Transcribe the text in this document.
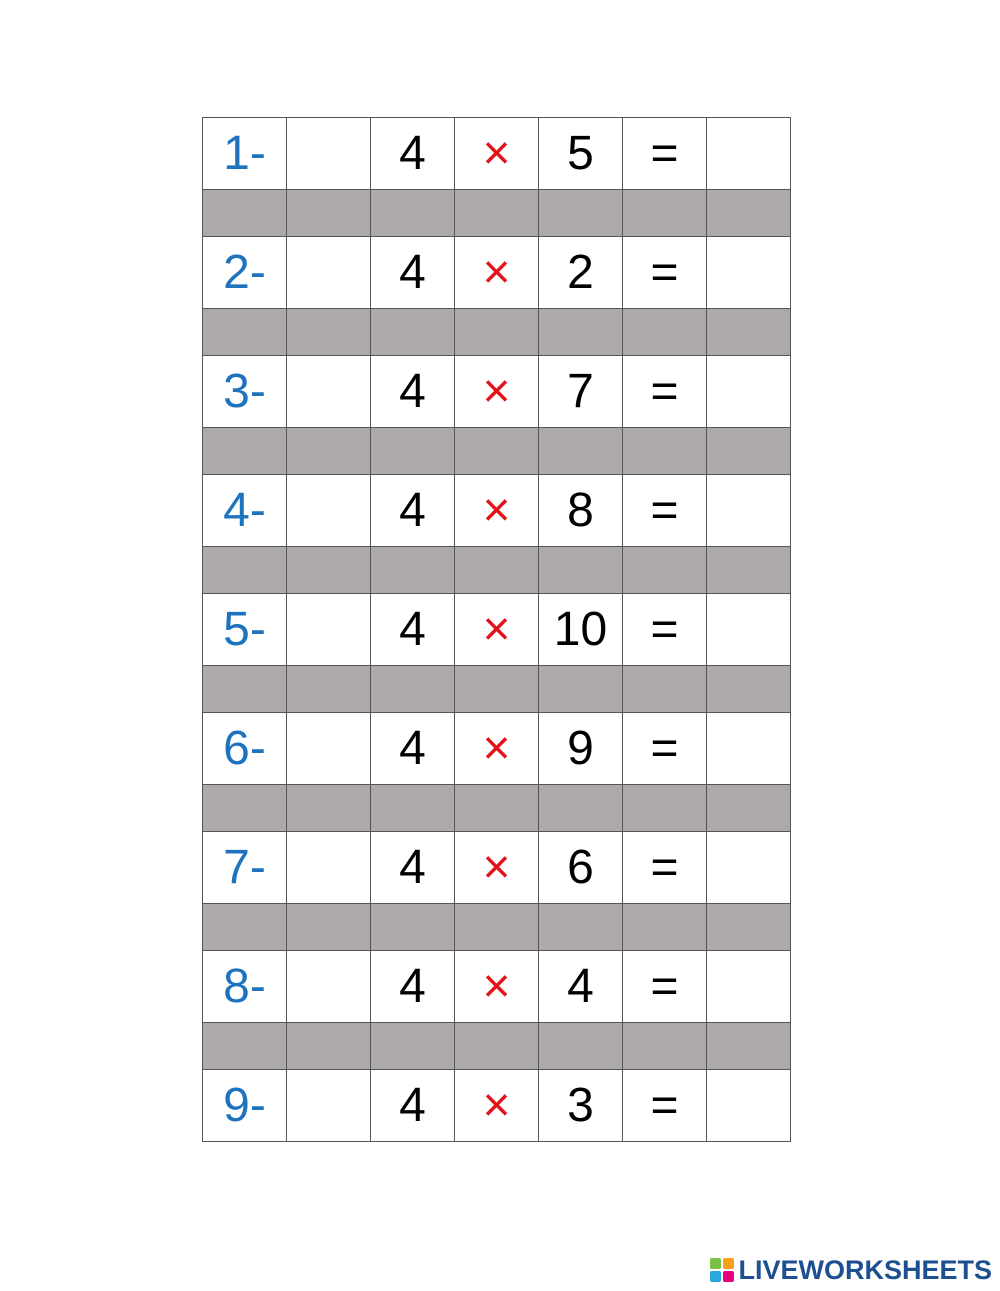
1-		4	×	5	=	

2-		4	×	2	=	

3-		4	×	7	=	

4-		4	×	8	=	

5-		4	×	10	=	

6-		4	×	9	=	

7-		4	×	6	=	

8-		4	×	4	=	

9-		4	×	3	=	
LIVEWORKSHEETS
